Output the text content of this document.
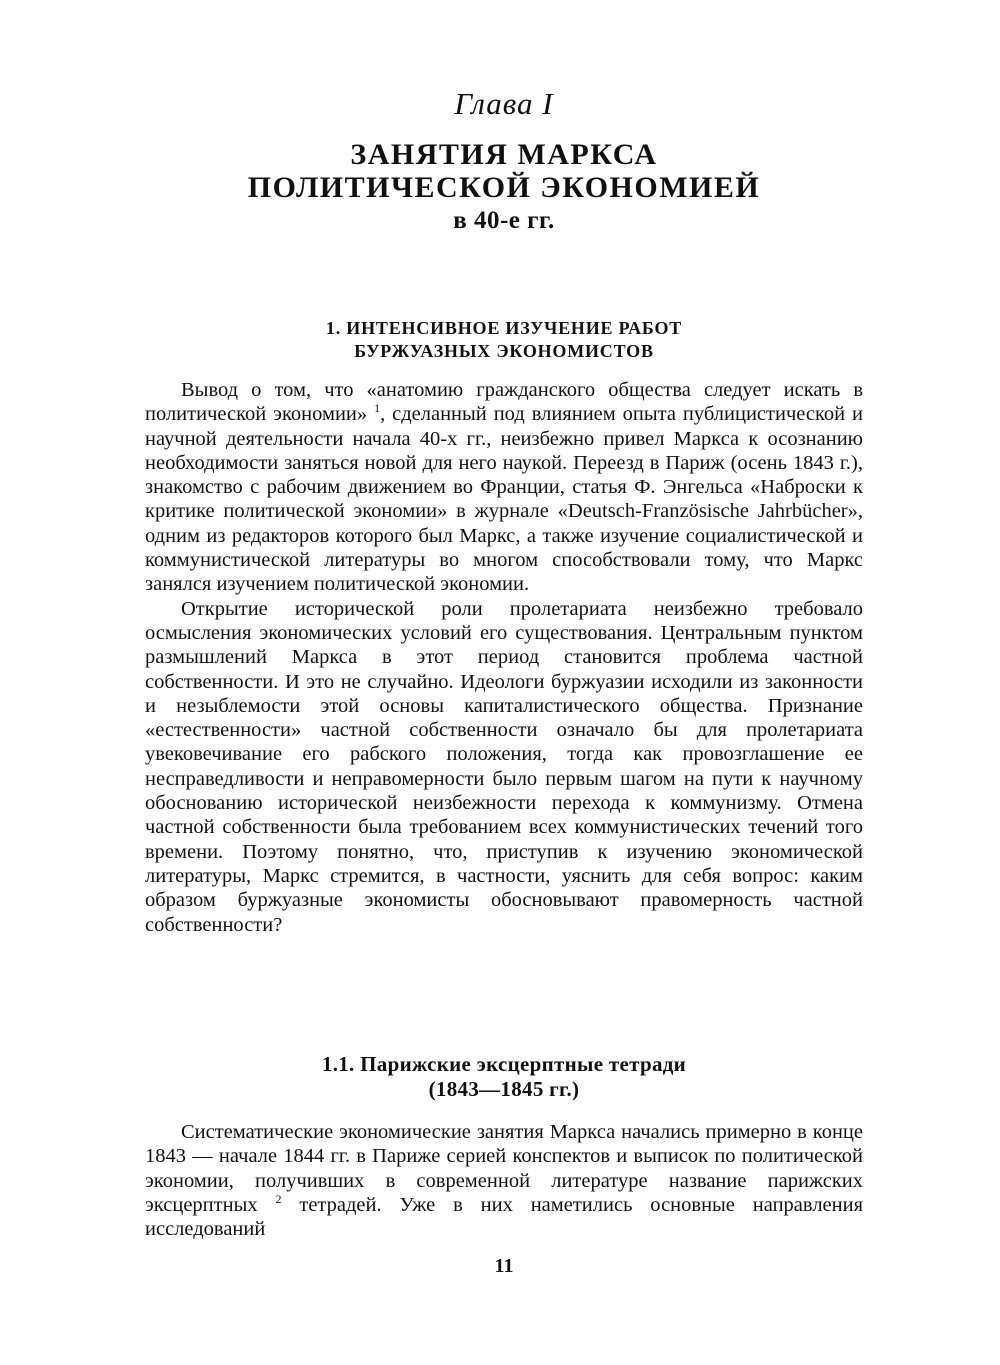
Глава I
ЗАНЯТИЯ МАРКСА
ПОЛИТИЧЕСКОЙ ЭКОНОМИЕЙ
в 40-е гг.
1. ИНТЕНСИВНОЕ ИЗУЧЕНИЕ РАБОТ
БУРЖУАЗНЫХ ЭКОНОМИСТОВ

Вывод о том, что «анатомию гражданского общества следует искать в политической экономии» $^1$, сделанный под влиянием опыта публицистической и научной деятельности начала 40-х гг., неизбежно привел Маркса к осознанию необходимости заняться новой для него наукой. Переезд в Париж (осень 1843 г.), знакомство с рабочим движением во Франции, статья Ф. Энгельса «Наброски к критике политической экономии» в журнале «Deutsch-Französische Jahrbücher», одним из редакторов которого был Маркс, а также изучение социалистической и коммунистической литературы во многом способствовали тому, что Маркс занялся изучением политической экономии.

Открытие исторической роли пролетариата неизбежно требовало осмысления экономических условий его существования. Центральным пунктом размышлений Маркса в этот период становится проблема частной собственности. И это не случайно. Идеологи буржуазии исходили из законности и незыблемости этой основы капиталистического общества. Признание «естественности» частной собственности означало бы для пролетариата увековечивание его рабского положения, тогда как провозглашение ее несправедливости и неправомерности было первым шагом на пути к научному обоснованию исторической неизбежности перехода к коммунизму. Отмена частной собственности была требованием всех коммунистических течений того времени. Поэтому понятно, что, приступив к изучению экономической литературы, Маркс стремится, в частности, уяснить для себя вопрос: каким образом буржуазные экономисты обосновывают правомерность частной собственности?

1.1. Парижские эксцерптные тетради
(1843—1845 гг.)

Систематические экономические занятия Маркса начались примерно в конце 1843 — начале 1844 гг. в Париже серией конспектов и выписок по политической экономии, получивших в современной литературе название парижских эксцерптных $^2$ тетрадей. Уже в них наметились основные направления исследований

11
